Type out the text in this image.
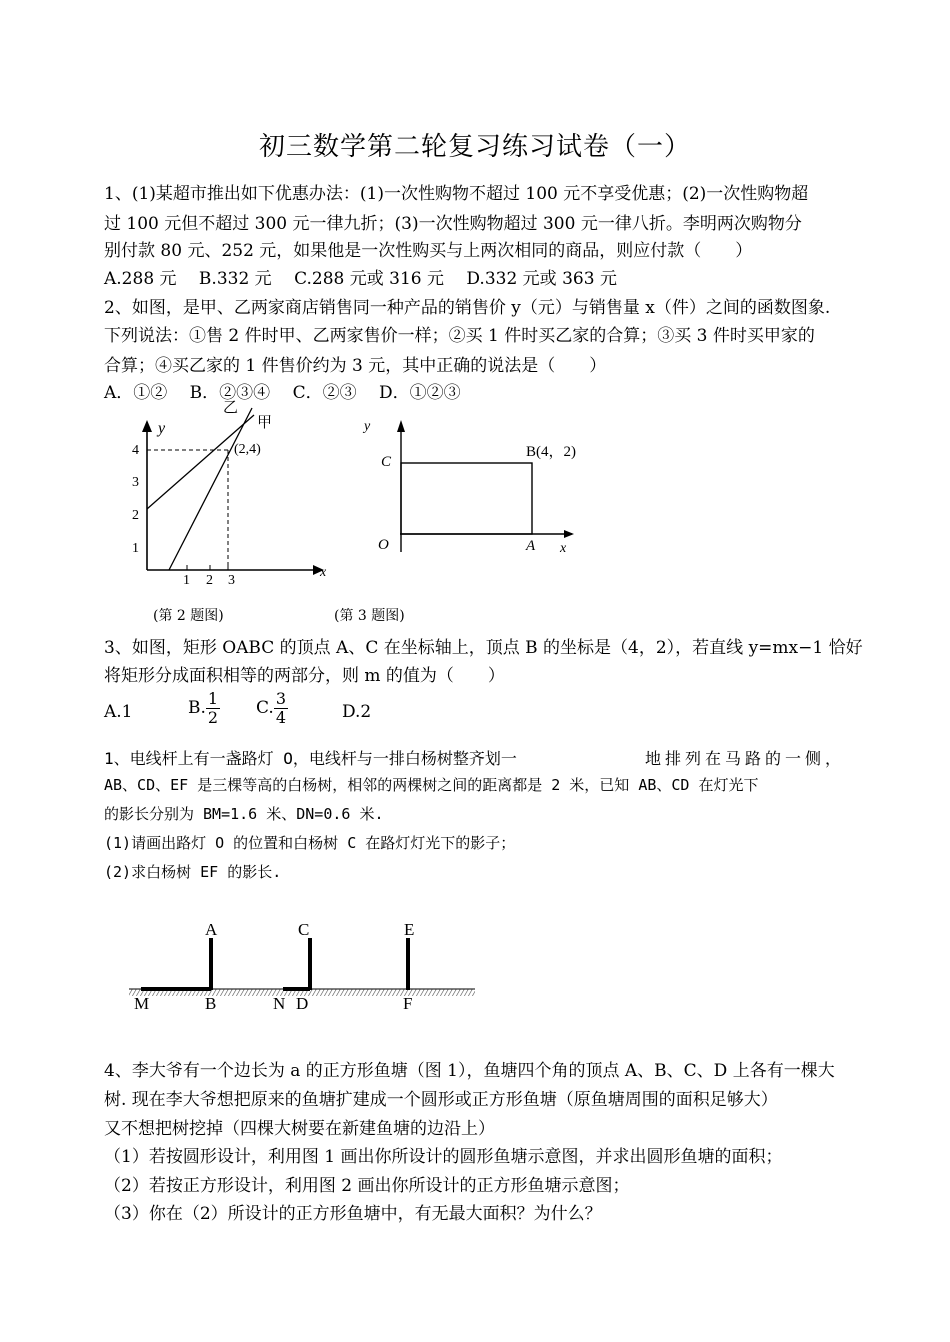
初三数学第二轮复习练习试卷（一）
1、(1)某超市推出如下优惠办法：(1)一次性购物不超过 100 元不享受优惠；(2)一次性购物超
过 100 元但不超过 300 元一律九折；(3)一次性购物超过 300 元一律八折。李明两次购物分
别付款 80 元、252 元，如果他是一次性购买与上两次相同的商品，则应付款（　　）
A.288 元　 B.332 元　 C.288 元或 316 元　 D.332 元或 363 元
2、如图，是甲、乙两家商店销售同一种产品的销售价 y（元）与销售量 x（件）之间的函数图象.
下列说法：①售 2 件时甲、乙两家售价一样；②买 1 件时买乙家的合算；③买 3 件时买甲家的
合算；④买乙家的 1 件售价约为 3 元，其中正确的说法是（　　）
A．①②　 B．②③④　 C．②③　 D．①②③
y
x
乙
甲
(2,4)
4
3
2
1
1 2 3
y
x
O	A
C
B(4，2)
(第 2 题图)	(第 3 题图)
3、如图，矩形 OABC 的顶点 A、C 在坐标轴上，顶点 B 的坐标是（4，2），若直线 y=mx−1 恰好
将矩形分成面积相等的两部分，则 m 的值为（　　）
A.1	B. $\frac{1}{2} C$. $\frac{3}{4}$	D.2
1、电线杆上有一盏路灯 O，电线杆与一排白杨树整齐划一	地排列在马路的一侧，
AB、CD、EF 是三棵等高的白杨树，相邻的两棵树之间的距离都是 2 米，已知 AB、CD 在灯光下
的影长分别为 BM=1.6 米、DN=0.6 米.
(1)请画出路灯 O 的位置和白杨树 C 在路灯灯光下的影子；
(2)求白杨树 EF 的影长.
A	C	E
M	B	N D	F
4、李大爷有一个边长为 a 的正方形鱼塘（图 1），鱼塘四个角的顶点 A、B、C、D 上各有一棵大
树. 现在李大爷想把原来的鱼塘扩建成一个圆形或正方形鱼塘（原鱼塘周围的面积足够大）
又不想把树挖掉（四棵大树要在新建鱼塘的边沿上）
（1）若按圆形设计，利用图 1 画出你所设计的圆形鱼塘示意图，并求出圆形鱼塘的面积；
（2）若按正方形设计，利用图 2 画出你所设计的正方形鱼塘示意图；
（3）你在（2）所设计的正方形鱼塘中，有无最大面积？为什么？
